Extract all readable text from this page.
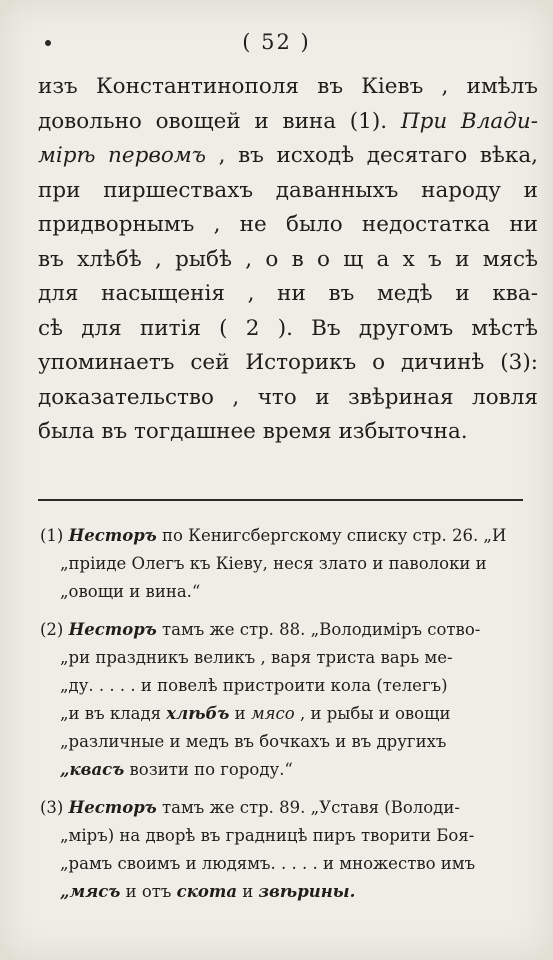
( 52 )
изъ Константинополя въ Кіевъ , имѣлъ
довольно овощей и вина (1). При Влади-
мірѣ первомъ , въ исходѣ десятаго вѣка,
при пиршествахъ даванныхъ народу и
придворнымъ , не было недостатка ни
въ хлѣбѣ , рыбѣ , о в о щ а х ъ и мясѣ
для насыщенія , ни въ медѣ и ква-
сѣ для питія ( 2 ). Въ другомъ мѣстѣ
упоминаетъ сей Историкъ о дичинѣ (3):
доказательство , что и звѣриная ловля
была въ тогдашнее время избыточна.
(1) Несторъ по Кенигсбергскому списку стр. 26. „И
„пріиде Олегъ къ Кіеву, неся злато и паволоки и
„овощи и вина.“
(2) Несторъ тамъ же стр. 88. „Володимiръ сотво-
„ри праздникъ великъ , варя триста варь ме-
„ду. . . . . и повелѣ пристроити кола (телегъ)
„и въ кладя хлѣбъ и мясо , и рыбы и овощи
„различные и медъ въ бочкахъ и въ другихъ
„квасъ возити по городу.“
(3) Несторъ тамъ же стр. 89. „Уставя (Володи-
„міръ) на дворѣ въ градницѣ пиръ творити Боя-
„рамъ своимъ и людямъ. . . . . и множество имъ
„мясъ и отъ скота и звѣрины.
